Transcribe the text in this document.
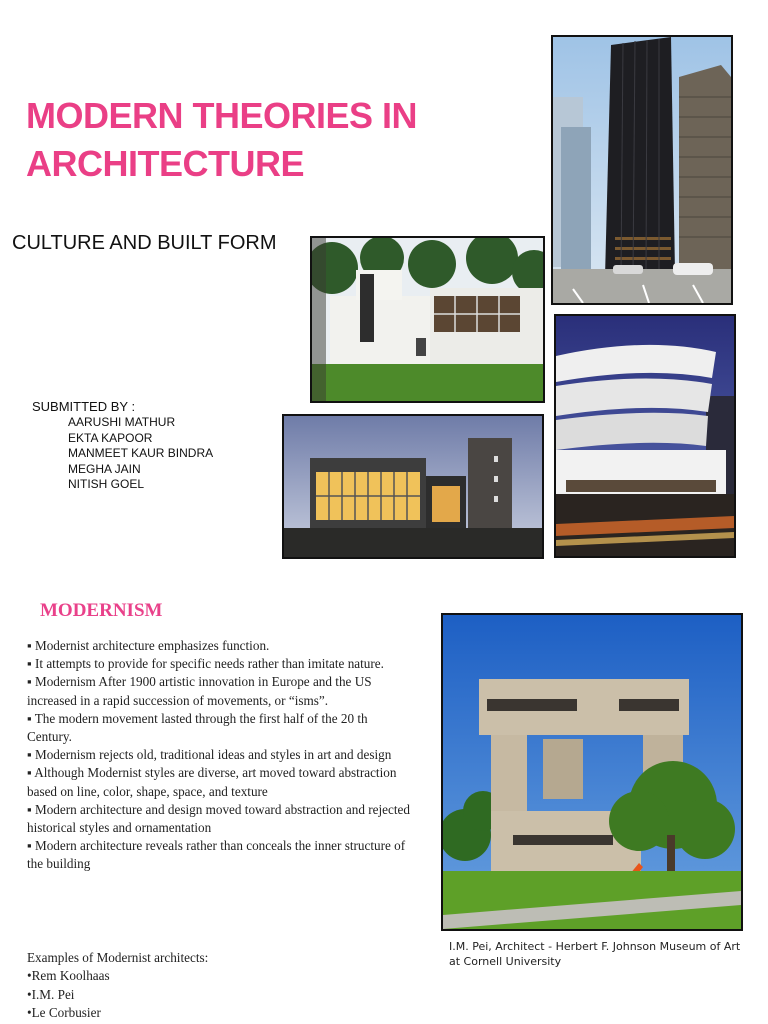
MODERN THEORIES IN ARCHITECTURE
CULTURE AND BUILT FORM
SUBMITTED BY :
AARUSHI MATHUR
EKTA KAPOOR
MANMEET KAUR BINDRA
MEGHA JAIN
NITISH GOEL
MODERNISM

▪ Modernist architecture emphasizes function.

▪ It attempts to provide for specific needs rather than imitate nature.

▪ Modernism After 1900 artistic innovation in Europe and the US increased in a rapid succession of movements, or “isms”.

▪ The modern movement lasted through the first half of the 20 th Century.

▪ Modernism rejects old, traditional ideas and styles in art and design

▪ Although Modernist styles are diverse, art moved toward abstraction based on line, color, shape, space, and texture

▪ Modern architecture and design moved toward abstraction and rejected historical styles and ornamentation

▪ Modern architecture reveals rather than conceals the inner structure of the building

Examples of Modernist architects:

•Rem Koolhaas

•I.M. Pei

•Le Corbusier

I.M. Pei, Architect - Herbert F. Johnson Museum of Art at Cornell University
